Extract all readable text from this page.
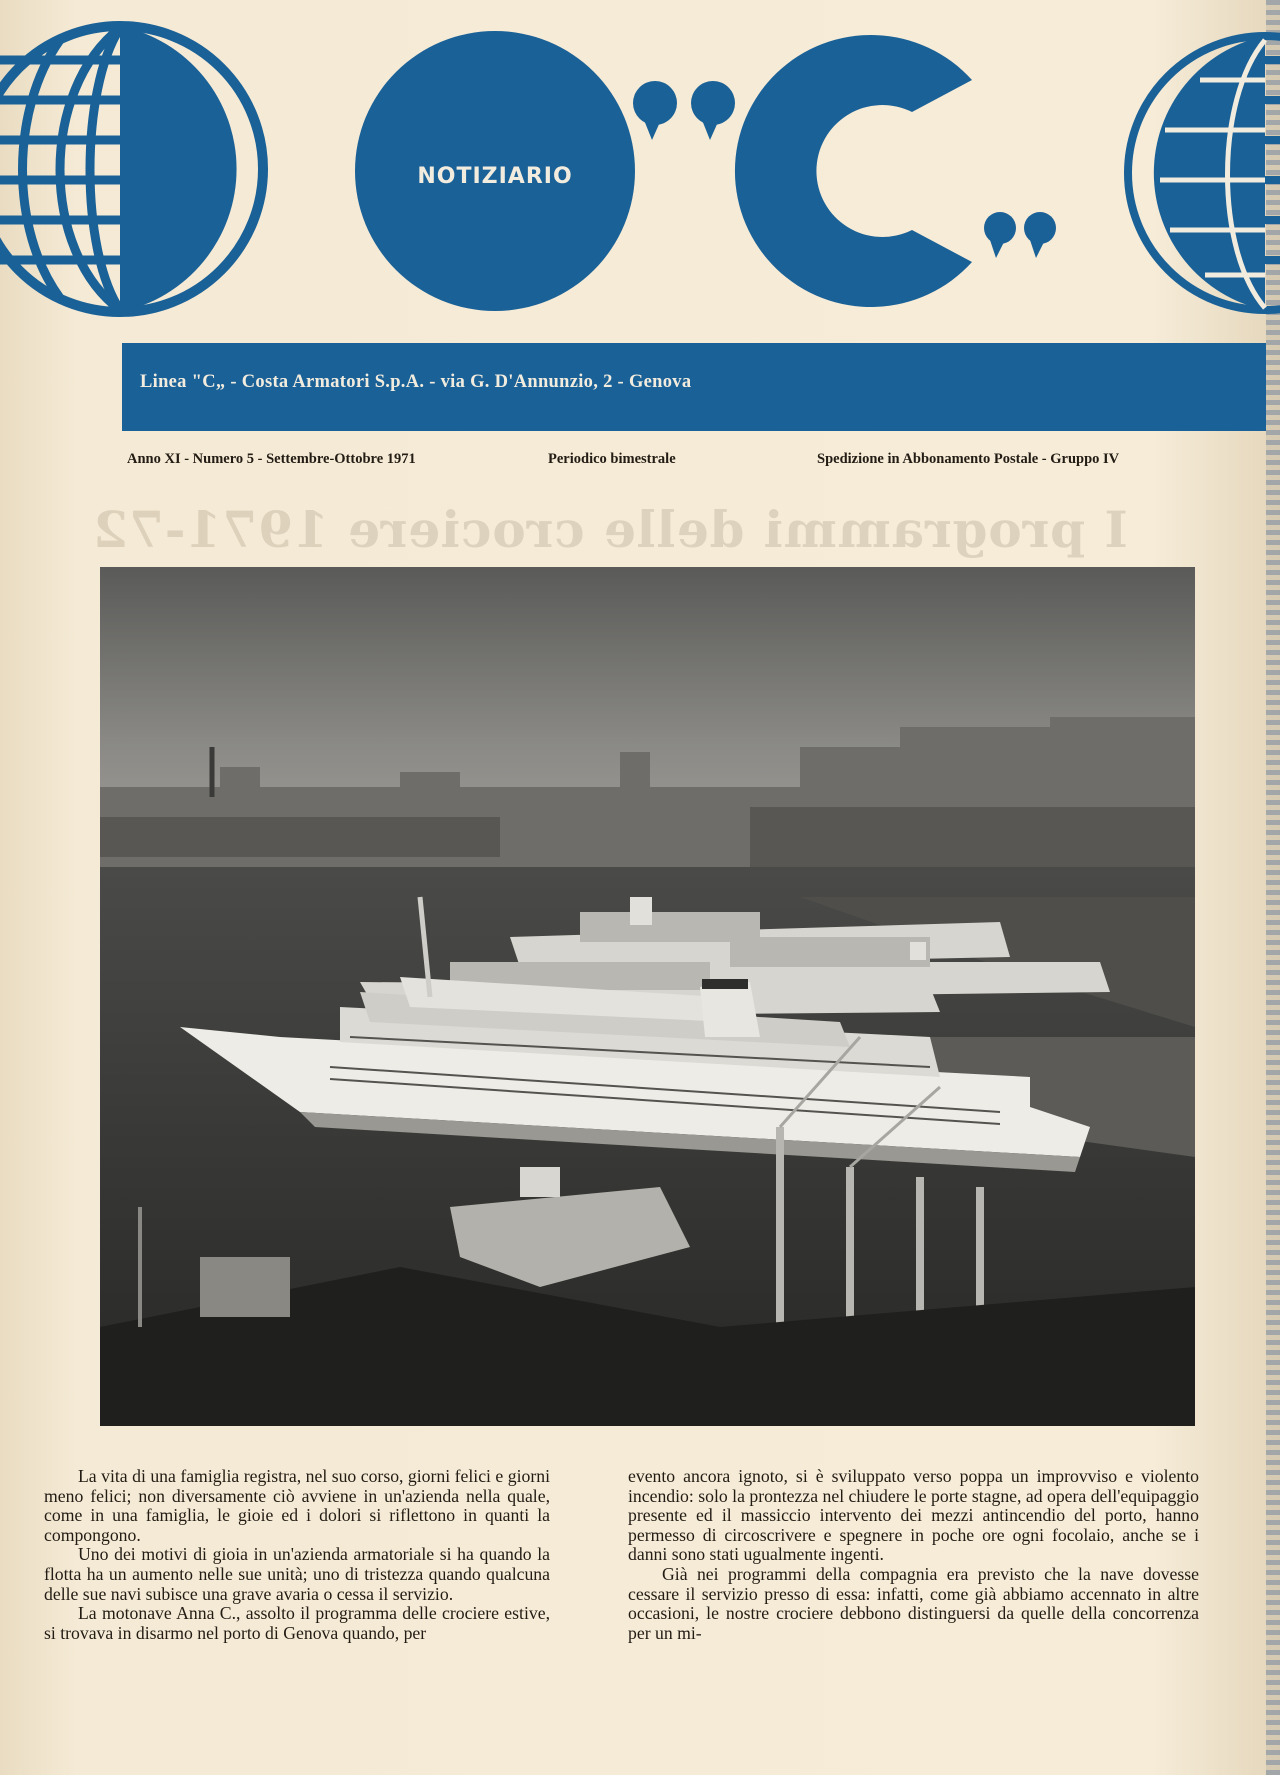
I programmi delle crociere 1971-72
NOTIZIARIO
Linea "C„ - Costa Armatori S.p.A. - via G. D'Annunzio, 2 - Genova
Anno XI - Numero 5 - Settembre-Ottobre 1971	Periodico bimestrale	Spedizione in Abbonamento Postale - Gruppo IV

La vita di una famiglia registra, nel suo corso, giorni felici e giorni meno felici; non diversamente ciò avviene in un'azienda nella quale, come in una famiglia, le gioie ed i dolori si riflettono in quanti la compongono.

Uno dei motivi di gioia in un'azienda armatoriale si ha quando la flotta ha un aumento nelle sue unità; uno di tristezza quando qualcuna delle sue navi subisce una grave avaria o cessa il servizio.

La motonave Anna C., assolto il programma delle crociere estive, si trovava in disarmo nel porto di Genova quando, per

evento ancora ignoto, si è sviluppato verso poppa un improvviso e violento incendio: solo la prontezza nel chiudere le porte stagne, ad opera dell'equipaggio presente ed il massiccio intervento dei mezzi antincendio del porto, hanno permesso di circoscrivere e spegnere in poche ore ogni focolaio, anche se i danni sono stati ugualmente ingenti.

Già nei programmi della compagnia era previsto che la nave dovesse cessare il servizio presso di essa: infatti, come già abbiamo accennato in altre occasioni, le nostre crociere debbono distinguersi da quelle della concorrenza per un mi-
